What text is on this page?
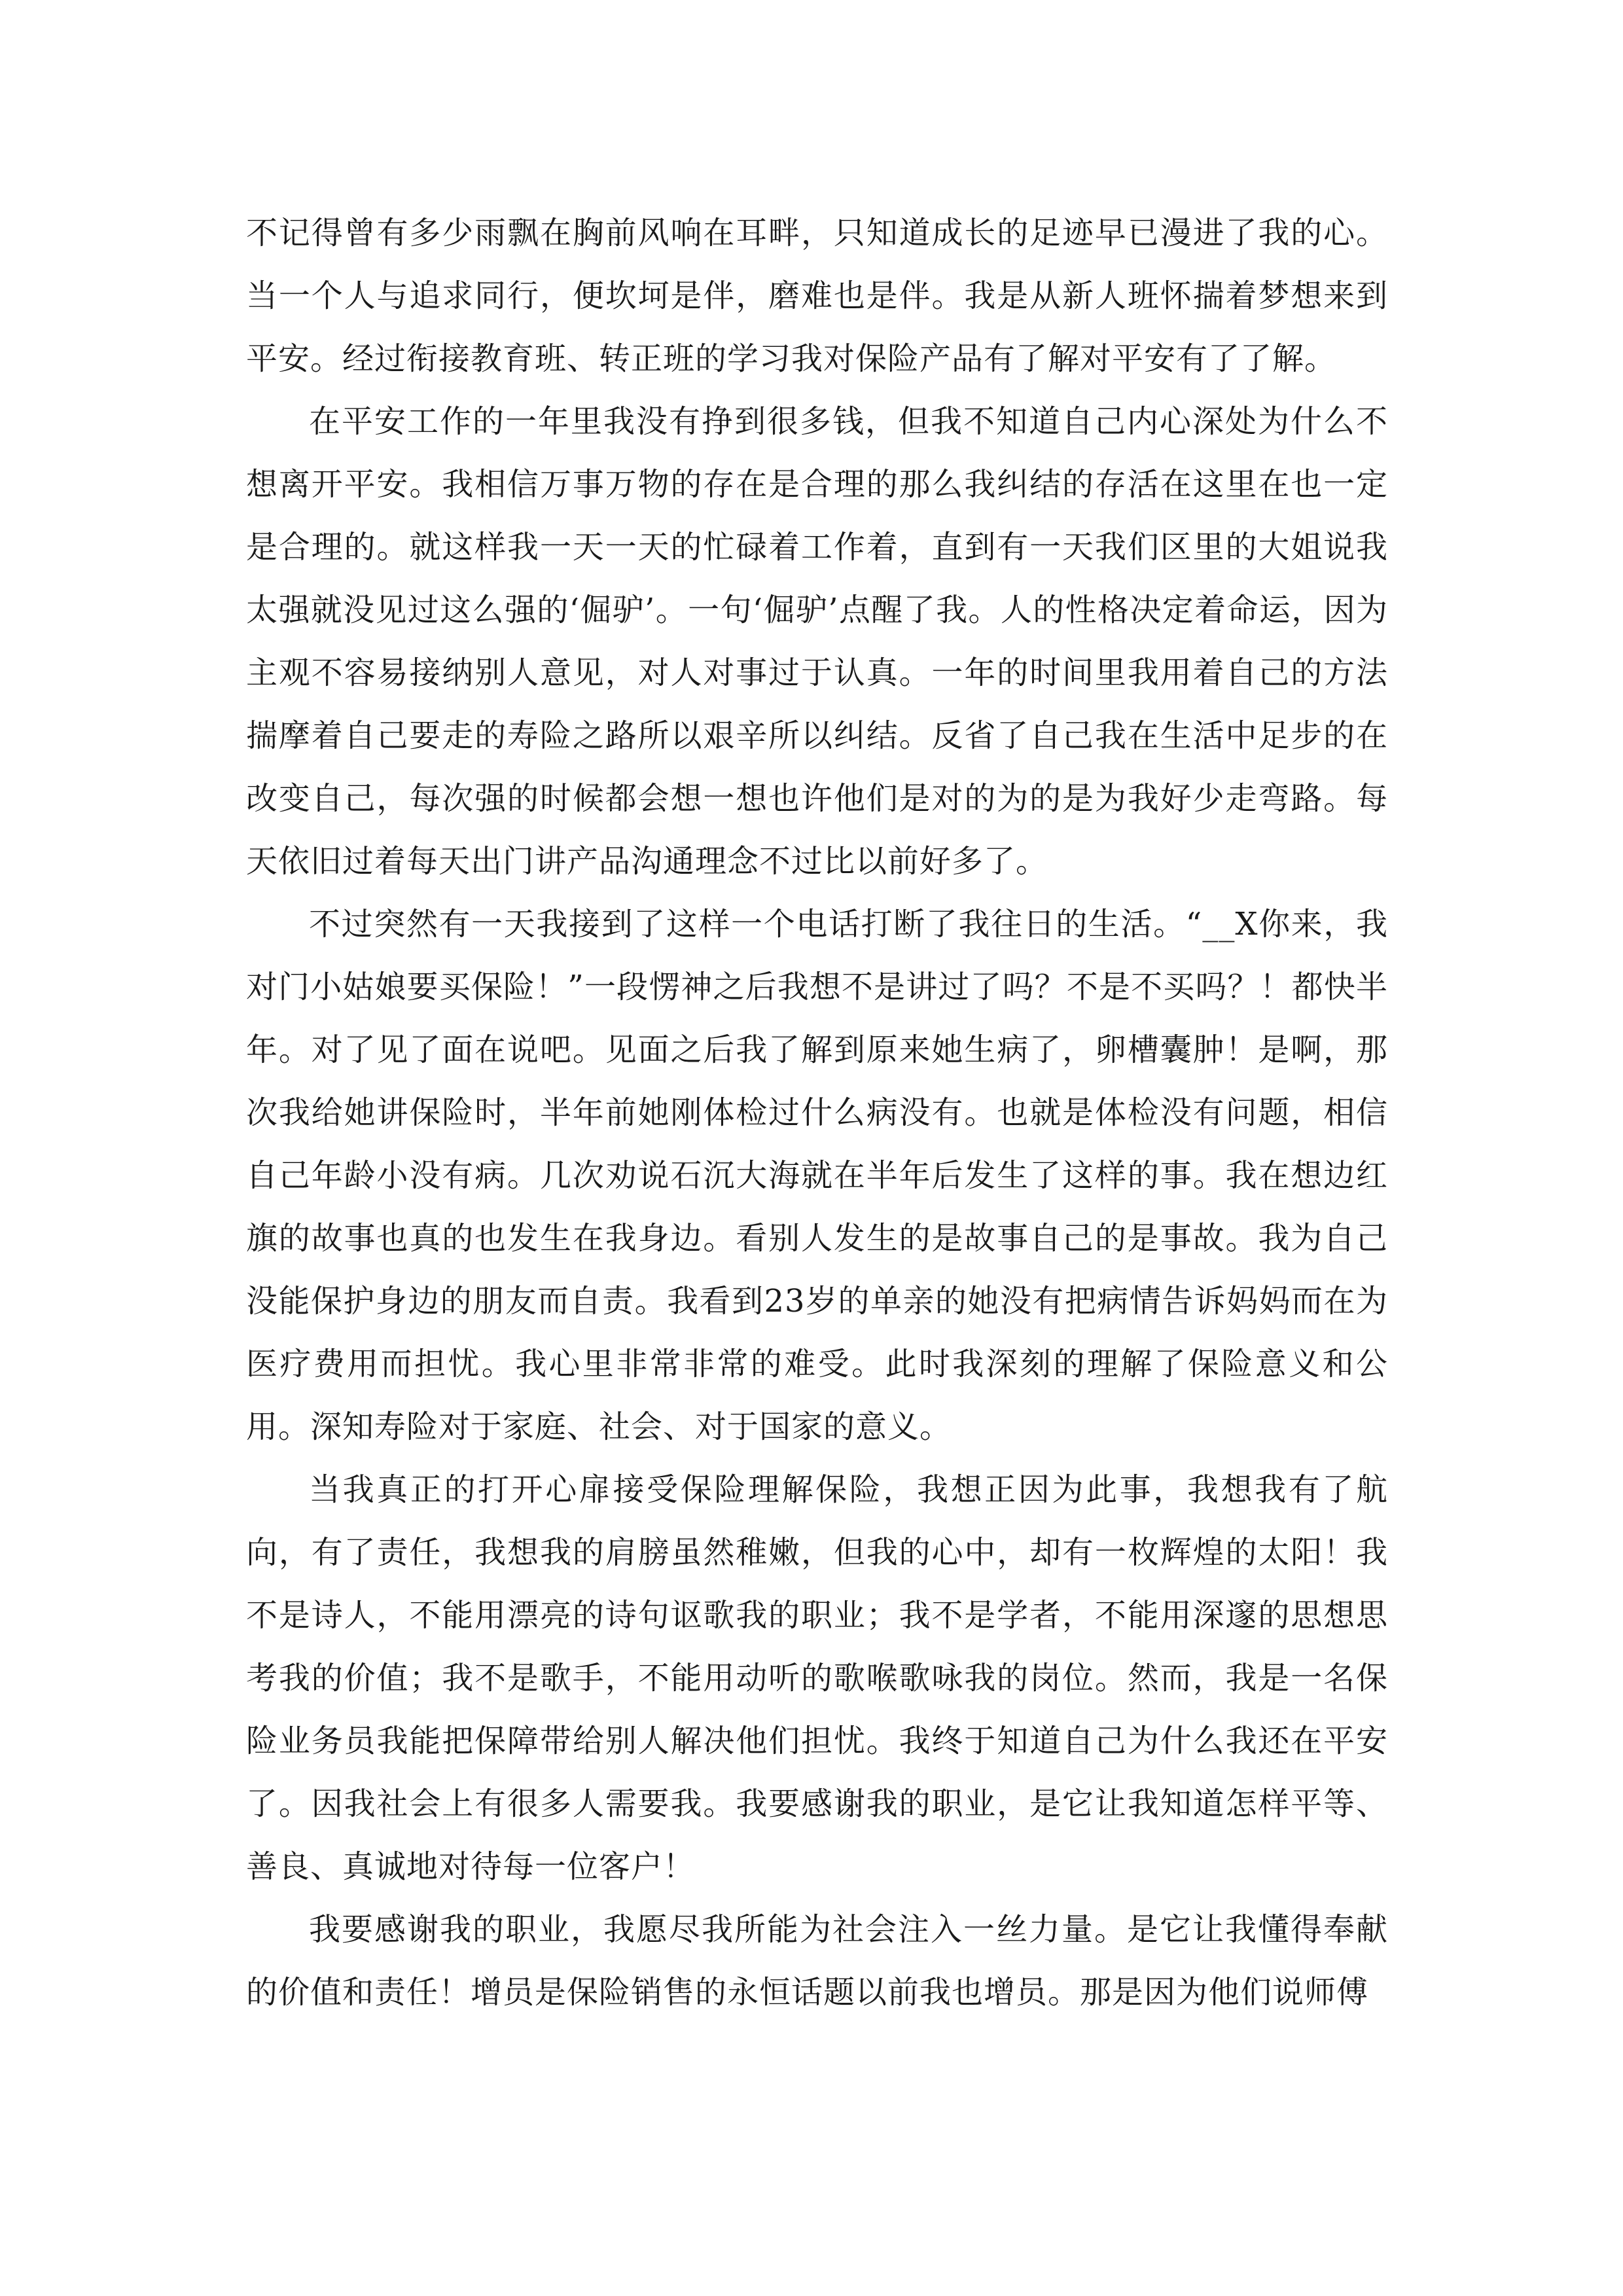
不记得曾有多少雨飘在胸前风响在耳畔，只知道成长的足迹早已漫进了我的心。当一个人与追求同行，便坎坷是伴，磨难也是伴。我是从新人班怀揣着梦想来到平安。经过衔接教育班、转正班的学习我对保险产品有了解对平安有了了解。

在平安工作的一年里我没有挣到很多钱，但我不知道自己内心深处为什么不想离开平安。我相信万事万物的存在是合理的那么我纠结的存活在这里在也一定是合理的。就这样我一天一天的忙碌着工作着，直到有一天我们区里的大姐说我太强就没见过这么强的‘倔驴’。一句‘倔驴’点醒了我。人的性格决定着命运，因为主观不容易接纳别人意见，对人对事过于认真。一年的时间里我用着自己的方法揣摩着自己要走的寿险之路所以艰辛所以纠结。反省了自己我在生活中足步的在改变自己，每次强的时候都会想一想也许他们是对的为的是为我好少走弯路。每天依旧过着每天出门讲产品沟通理念不过比以前好多了。

不过突然有一天我接到了这样一个电话打断了我往日的生活。“__X你来，我对门小姑娘要买保险！”一段愣神之后我想不是讲过了吗？不是不买吗？！都快半年。对了见了面在说吧。见面之后我了解到原来她生病了，卵槽囊肿！是啊，那次我给她讲保险时，半年前她刚体检过什么病没有。也就是体检没有问题，相信自己年龄小没有病。几次劝说石沉大海就在半年后发生了这样的事。我在想边红旗的故事也真的也发生在我身边。看别人发生的是故事自己的是事故。我为自己没能保护身边的朋友而自责。我看到23岁的单亲的她没有把病情告诉妈妈而在为医疗费用而担忧。我心里非常非常的难受。此时我深刻的理解了保险意义和公用。深知寿险对于家庭、社会、对于国家的意义。

当我真正的打开心扉接受保险理解保险，我想正因为此事，我想我有了航向，有了责任，我想我的肩膀虽然稚嫩，但我的心中，却有一枚辉煌的太阳！我不是诗人，不能用漂亮的诗句讴歌我的职业；我不是学者，不能用深邃的思想思考我的价值；我不是歌手，不能用动听的歌喉歌咏我的岗位。然而，我是一名保险业务员我能把保障带给别人解决他们担忧。我终于知道自己为什么我还在平安了。因我社会上有很多人需要我。我要感谢我的职业，是它让我知道怎样平等、善良、真诚地对待每一位客户！

我要感谢我的职业，我愿尽我所能为社会注入一丝力量。是它让我懂得奉献的价值和责任！增员是保险销售的永恒话题以前我也增员。那是因为他们说师傅
